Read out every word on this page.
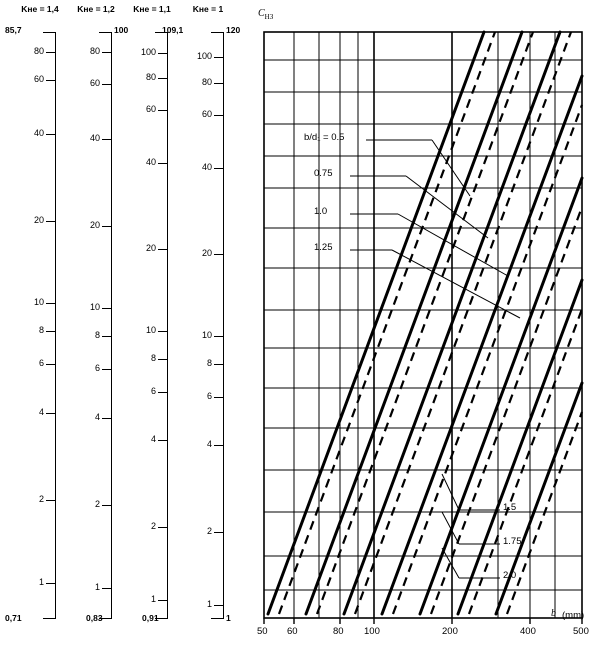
Kне = 1,4
85,7
0,71
80
60
40
20
10
8
6
4
2
1
Kне = 1,2
100
0,83
80
60
40
20
10
8
6
4
2
1
Kне = 1,1
109,1
0,91
100
80
60
40
20
10
8
6
4
2
1
Kне = 1
120
1
100
80
60
40
20
10
8
6
4
2
1
$C_{НЗ}$
b/d₁ = 0.5
0.75
1.0
1.25
1.5
1.75
2.0
50 60	80 100	200	400	500
b (mm)
